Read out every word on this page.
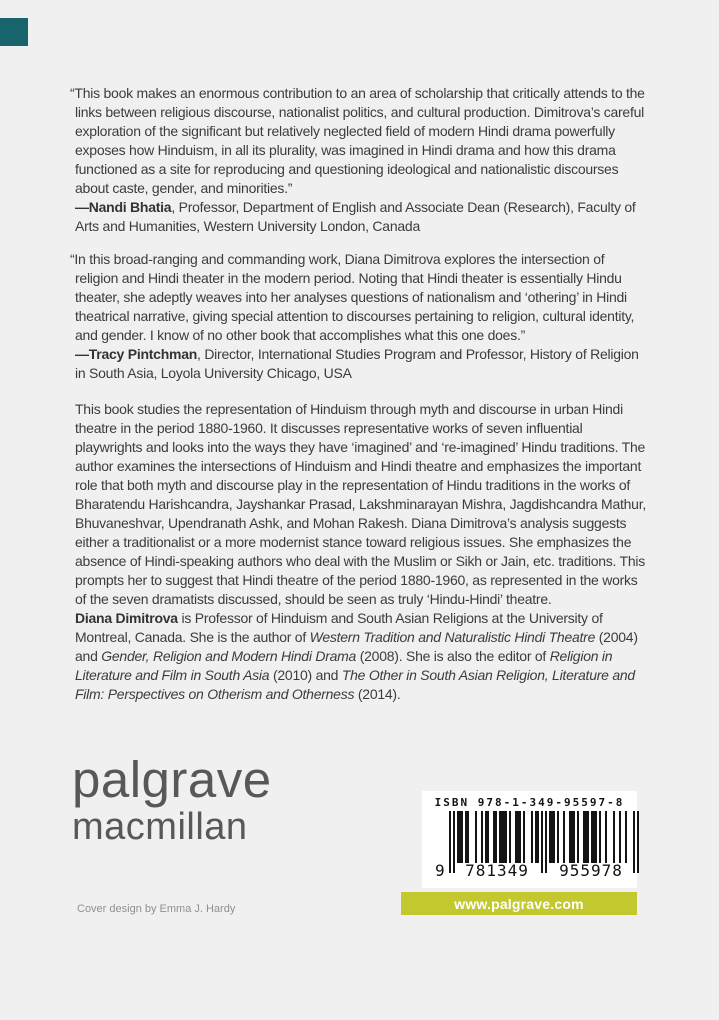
“This book makes an enormous contribution to an area of scholarship that critically attends to the links between religious discourse, nationalist politics, and cultural production. Dimitrova’s careful exploration of the significant but relatively neglected field of modern Hindi drama powerfully exposes how Hinduism, in all its plurality, was imagined in Hindi drama and how this drama functioned as a site for reproducing and questioning ideological and nationalistic discourses about caste, gender, and minorities.”

—Nandi Bhatia, Professor, Department of English and Associate Dean (Research), Faculty of Arts and Humanities, Western University London, Canada

“In this broad-ranging and commanding work, Diana Dimitrova explores the intersection of religion and Hindi theater in the modern period. Noting that Hindi theater is essentially Hindu theater, she adeptly weaves into her analyses questions of nationalism and ‘othering’ in Hindi theatrical narrative, giving special attention to discourses pertaining to religion, cultural identity, and gender. I know of no other book that accomplishes what this one does.”

—Tracy Pintchman, Director, International Studies Program and Professor, History of Religion in South Asia, Loyola University Chicago, USA

This book studies the representation of Hinduism through myth and discourse in urban Hindi theatre in the period 1880-1960. It discusses representative works of seven influential playwrights and looks into the ways they have ‘imagined’ and ‘re-imagined’ Hindu traditions. The author examines the intersections of Hinduism and Hindi theatre and emphasizes the important role that both myth and discourse play in the representation of Hindu traditions in the works of Bharatendu Harishcandra, Jayshankar Prasad, Lakshminarayan Mishra, Jagdishcandra Mathur, Bhuvaneshvar, Upendranath Ashk, and Mohan Rakesh. Diana Dimitrova’s analysis suggests either a traditionalist or a more modernist stance toward religious issues. She emphasizes the absence of Hindi-speaking authors who deal with the Muslim or Sikh or Jain, etc. traditions. This prompts her to suggest that Hindi theatre of the period 1880-1960, as represented in the works of the seven dramatists discussed, should be seen as truly ‘Hindu-Hindi’ theatre.

Diana Dimitrova is Professor of Hinduism and South Asian Religions at the University of Montreal, Canada. She is the author of Western Tradition and Naturalistic Hindi Theatre (2004) and Gender, Religion and Modern Hindi Drama (2008). She is also the editor of Religion in Literature and Film in South Asia (2010) and The Other in South Asian Religion, Literature and Film: Perspectives on Otherism and Otherness (2014).

palgrave
macmillan
Cover design by Emma J. Hardy
ISBN 978-1-349-95597-8
9	781349	955978
www.palgrave.com
